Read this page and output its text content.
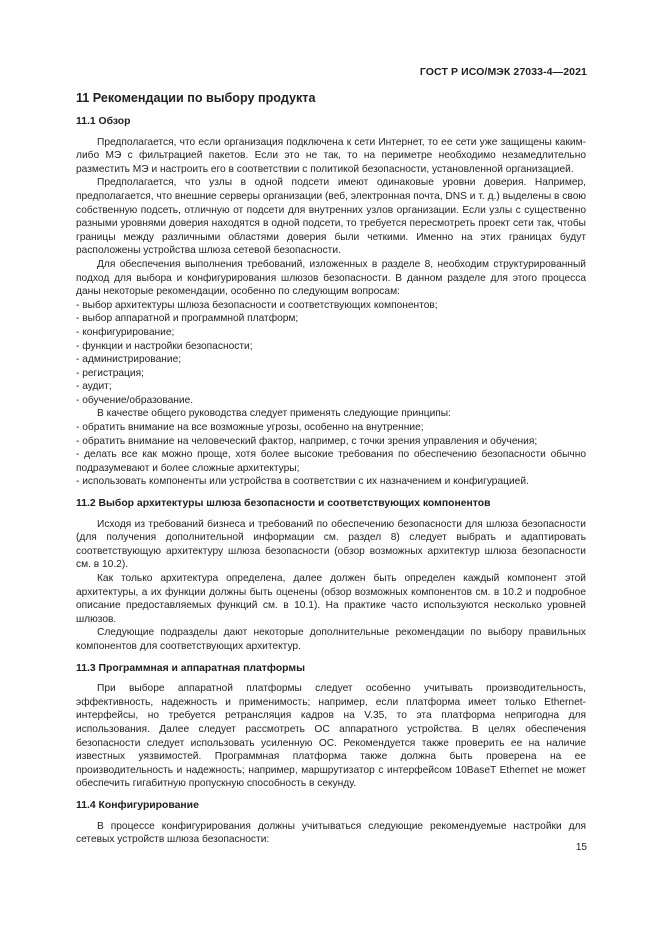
ГОСТ Р ИСО/МЭК 27033-4—2021
11 Рекомендации по выбору продукта
11.1 Обзор

Предполагается, что если организация подключена к сети Интернет, то ее сети уже защищены каким-либо МЭ с фильтрацией пакетов. Если это не так, то на периметре необходимо незамедлительно разместить МЭ и настроить его в соответствии с политикой безопасности, установленной организацией.

Предполагается, что узлы в одной подсети имеют одинаковые уровни доверия. Например, предполагается, что внешние серверы организации (веб, электронная почта, DNS и т. д.) выделены в свою собственную подсеть, отличную от подсети для внутренних узлов организации. Если узлы с существенно разными уровнями доверия находятся в одной подсети, то требуется пересмотреть проект сети так, чтобы границы между различными областями доверия были четкими. Именно на этих границах будут расположены устройства шлюза сетевой безопасности.

Для обеспечения выполнения требований, изложенных в разделе 8, необходим структурированный подход для выбора и конфигурирования шлюзов безопасности. В данном разделе для этого процесса даны некоторые рекомендации, особенно по следующим вопросам:

- выбор архитектуры шлюза безопасности и соответствующих компонентов;
- выбор аппаратной и программной платформ;
- конфигурирование;
- функции и настройки безопасности;
- администрирование;
- регистрация;
- аудит;
- обучение/образование.

В качестве общего руководства следует применять следующие принципы:

- обратить внимание на все возможные угрозы, особенно на внутренние;
- обратить внимание на человеческий фактор, например, с точки зрения управления и обучения;
- делать все как можно проще, хотя более высокие требования по обеспечению безопасности обычно подразумевают и более сложные архитектуры;
- использовать компоненты или устройства в соответствии с их назначением и конфигурацией.
11.2 Выбор архитектуры шлюза безопасности и соответствующих компонентов

Исходя из требований бизнеса и требований по обеспечению безопасности для шлюза безопасности (для получения дополнительной информации см. раздел 8) следует выбрать и адаптировать соответствующую архитектуру шлюза безопасности (обзор возможных архитектур шлюза безопасности см. в 10.2).

Как только архитектура определена, далее должен быть определен каждый компонент этой архитектуры, а их функции должны быть оценены (обзор возможных компонентов см. в 10.2 и подробное описание предоставляемых функций см. в 10.1). На практике часто используются несколько уровней шлюзов.

Следующие подразделы дают некоторые дополнительные рекомендации по выбору правильных компонентов для соответствующих архитектур.

11.3 Программная и аппаратная платформы

При выборе аппаратной платформы следует особенно учитывать производительность, эффективность, надежность и применимость; например, если платформа имеет только Ethernet-интерфейсы, но требуется ретрансляция кадров на V.35, то эта платформа непригодна для использования. Далее следует рассмотреть ОС аппаратного устройства. В целях обеспечения безопасности следует использовать усиленную ОС. Рекомендуется также проверить ее на наличие известных уязвимостей. Программная платформа также должна быть проверена на ее производительность и надежность; например, маршрутизатор с интерфейсом 10BaseT Ethernet не может обеспечить гигабитную пропускную способность в секунду.

11.4 Конфигурирование

В процессе конфигурирования должны учитываться следующие рекомендуемые настройки для сетевых устройств шлюза безопасности:

15
